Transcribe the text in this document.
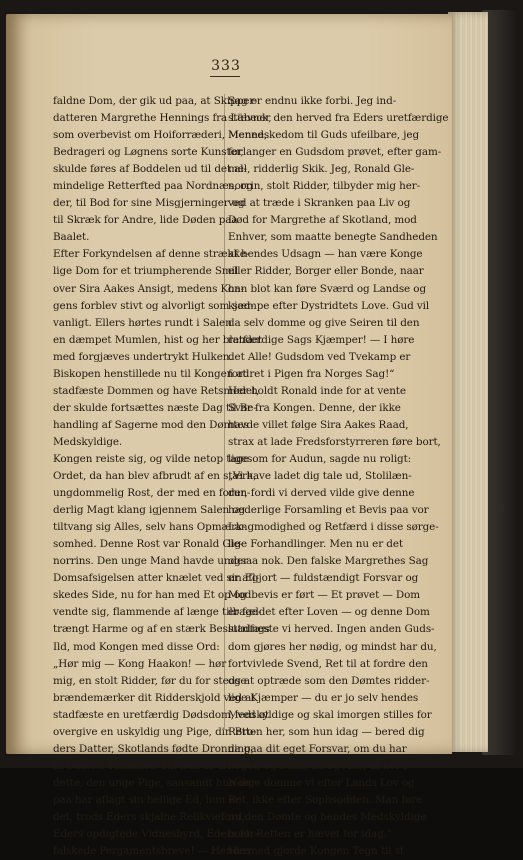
333
faldne Dom, der gik ud paa, at Skipper-
datteren Margrethe Hennings fra Lübeck,
som overbevist om Hoiforræderi, Mened,
Bedrageri og Løgnens sorte Kunster,
skulde føres af Boddelen ud til det al-
mindelige Retterfted paa Nordnæs, og
der, til Bod for sine Misgjerninger og
til Skræk for Andre, lide Døden paa
Baalet.
Efter Forkyndelsen af denne strække-
lige Dom for et triumpherende Smil
over Sira Aakes Ansigt, medens Kon-
gens forblev stivt og alvorligt som sed-
vanligt. Ellers hørtes rundt i Salen
en dæmpet Mumlen, hist og her blandet
med forgjæves undertrykt Hulken.
Biskopen henstillede nu til Kongen at
stadfæste Dommen og have Retsmødet,
der skulde fortsættes næste Dag til Be-
handling af Sagerne mod den Dømtes
Medskyldige.
Kongen reiste sig, og vilde netop tage
Ordet, da han blev afbrudt af en stærk,
ungdommelig Rost, der med en forun-
derlig Magt klang igjennem Salen og
tiltvang sig Alles, selv hans Opmærk-
somhed. Denne Rost var Ronald Gle-
norrins. Den unge Mand havde under
Domsafsigelsen atter knælet ved sin El-
skedes Side, nu for han med Et op og
vendte sig, flammende af længe tilbage-
trængt Harme og af en stærk Beslutnings
Ild, mod Kongen med disse Ord:
„Hør mig — Kong Haakon! — hør
mig, en stolt Ridder, før du for stedse
brændemærker dit Ridderskjold ved at
stadfæste en uretfærdig Dødsdom, ved at
overgive en uskyldig ung Pige, din Bro-
ders Datter, Skotlands fødte Dronning,
til Baalets Flammer. Thi hun er alt
dette, den unge Pige, saasandt hun der-
paa har aflagt sin hellige Ed, hun er
det, trods Eders skjalne Relikvieford,
Eders opdigtede Vidnesbyrd, Eders for-
falskede Pergamentsbreve! — Hendes
Sag er endnu ikke forbi. Jeg ind-
stævner den herved fra Eders uretfærdige
Menneskedom til Guds ufeilbare, jeg
forlanger en Gudsdom prøvet, efter gam-
mel, ridderlig Skik. Jeg, Ronald Gle-
norrin, stolt Ridder, tilbyder mig her-
ved at træde i Skranken paa Liv og
Død for Margrethe af Skotland, mod
Enhver, som maatte benegte Sandheden
af hendes Udsagn — han være Konge
eller Ridder, Borger eller Bonde, naar
han blot kan føre Sværd og Landse og
kjæmpe efter Dystridtets Love. Gud vil
da selv domme og give Seiren til den
retfærdige Sags Kjæmper! — I høre
det Alle! Gudsdom ved Tvekamp er
fordret i Pigen fra Norges Sag!“
Her holdt Ronald inde for at vente
Svar fra Kongen. Denne, der ikke
havde villet følge Sira Aakes Raad,
strax at lade Fredsforstyrreren føre bort,
ligesom for Audun, sagde nu roligt:
„Vi have ladet dig tale ud, Stolilæn-
der, fordi vi derved vilde give denne
hæderlige Forsamling et Bevis paa vor
Langmodighed og Retfærd i disse sørge-
lige Forhandlinger. Men nu er det
ogsaa nok. Den falske Margrethes Sag
er afgjort — fuldstændigt Forsvar og
Modbevis er ført — Et prøvet — Dom
er fældet efter Loven — og denne Dom
stadfæste vi herved. Ingen anden Guds-
dom gjøres her nødig, og mindst har du,
fortvivlede Svend, Ret til at fordre den
og at optræde som den Dømtes ridder-
lige Kjæmper — du er jo selv hendes
Medskyldige og skal imorgen stilles for
Retten her, som hun idag — bered dig
da paa dit eget Forsvar, om du har
noget, og husk, du og Alle, at her i
Norge domme vi efter Lands Lov og
Ret, ikke efter Sophsodden. Man føre
nu den Dømte og hendes Medskyldige
bort. Retten er hævet for idag.“
Hermed gjorde Kongen Tegn til st
